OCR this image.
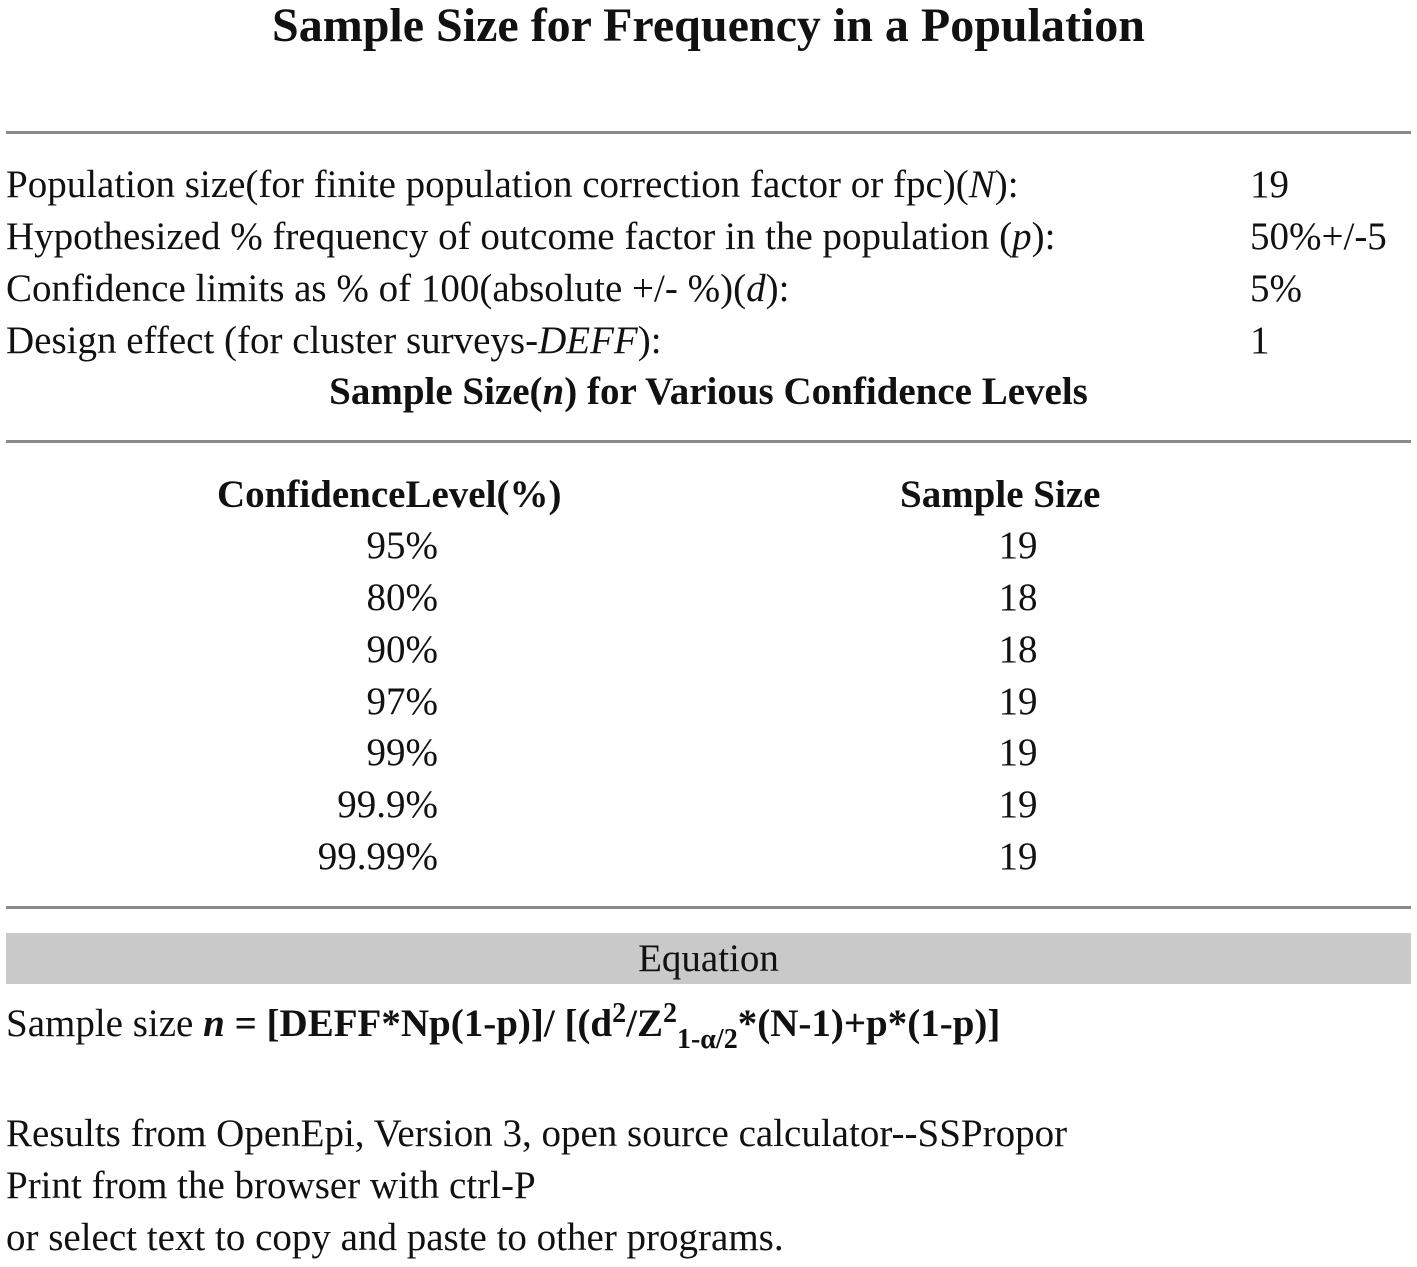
Sample Size for Frequency in a Population
Population size(for finite population correction factor or fpc)(N):	19
Hypothesized % frequency of outcome factor in the population (p):	50%+/-5
Confidence limits as % of 100(absolute +/- %)(d):	5%
Design effect (for cluster surveys-DEFF):	1
Sample Size(n) for Various Confidence Levels
ConfidenceLevel(%)	Sample Size
95%	19
80%	18
90%	18
97%	19
99%	19
99.9%	19
99.99%	19
Equation
Sample size n = [DEFF*Np(1-p)]/ [$(d^2/Z^2_{1-\alpha/2}*(N-1)+p*(1-p)]$
Results from OpenEpi, Version 3, open source calculator--SSPropor
Print from the browser with ctrl-P
or select text to copy and paste to other programs.
